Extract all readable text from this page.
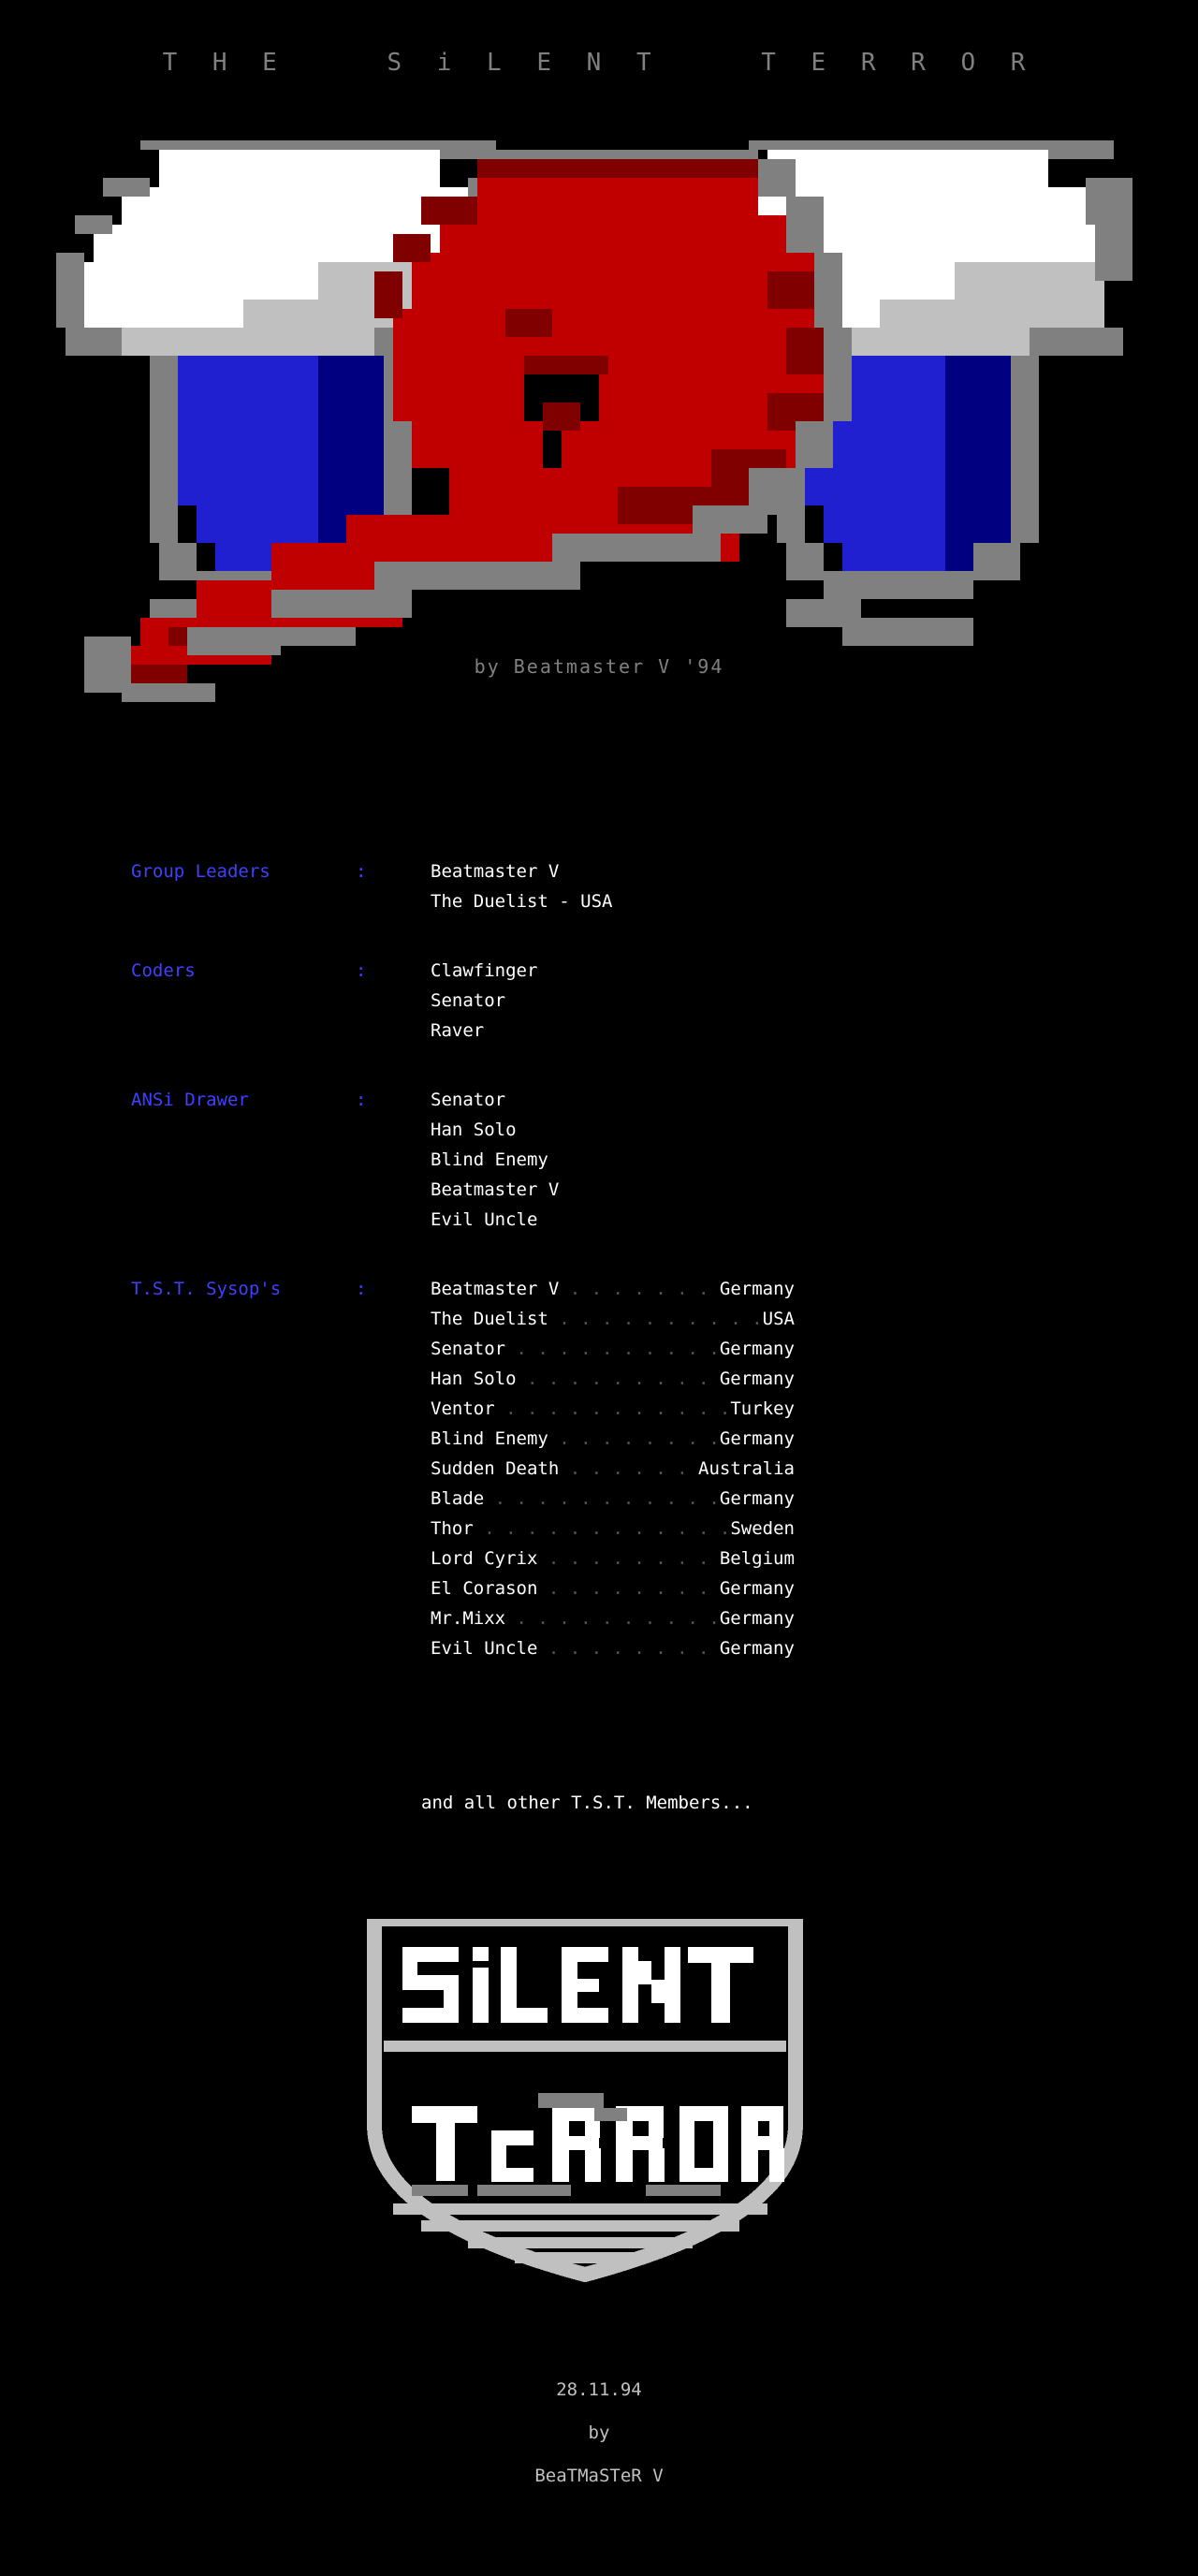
T H E    S i L E N T    T E R R O R
by Beatmaster V '94
Group Leaders	:	Beatmaster V
The Duelist - USA
Coders	:	Clawfinger
Senator
Raver
ANSi Drawer	:	Senator
Han Solo
Blind Enemy
Beatmaster V
Evil Uncle
T.S.T. Sysop's	:	Beatmaster V . . . . . . . Germany
The Duelist . . . . . . . . . .USA
Senator . . . . . . . . . .Germany
Han Solo . . . . . . . . . Germany
Ventor . . . . . . . . . . .Turkey
Blind Enemy . . . . . . . .Germany
Sudden Death . . . . . . Australia
Blade . . . . . . . . . . .Germany
Thor . . . . . . . . . . . .Sweden
Lord Cyrix . . . . . . . . Belgium
El Corason . . . . . . . . Germany
Mr.Mixx . . . . . . . . . .Germany
Evil Uncle . . . . . . . . Germany
and all other T.S.T. Members...
28.11.94
by
BeaTMaSTeR V
